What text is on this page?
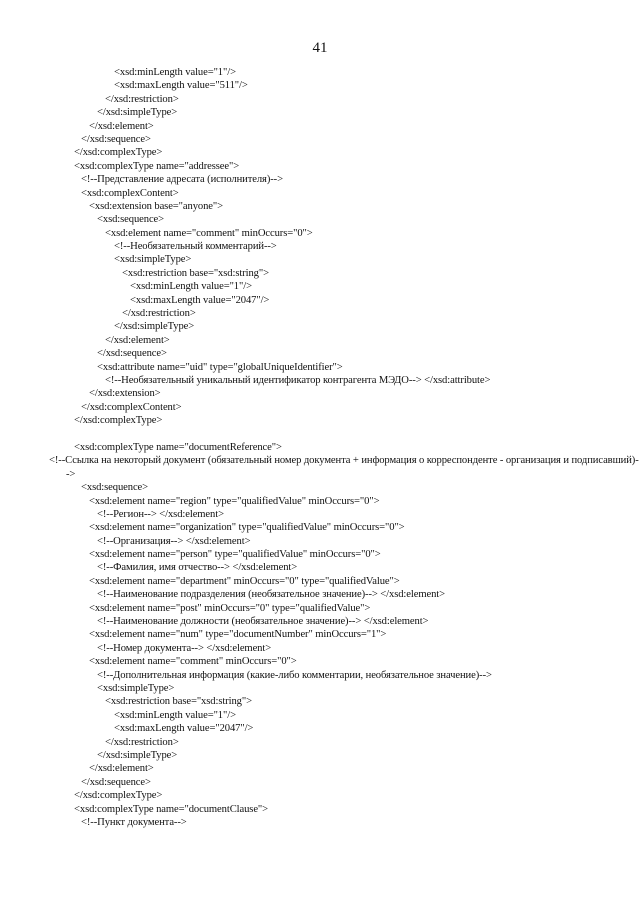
41
<xsd:minLength value="1"/>
<xsd:maxLength value="511"/>
</xsd:restriction>
</xsd:simpleType>
</xsd:element>
</xsd:sequence>
</xsd:complexType>
<xsd:complexType name="addressee">
<!--Представление адресата (исполнителя)-->
<xsd:complexContent>
<xsd:extension base="anyone">
<xsd:sequence>
<xsd:element name="comment" minOccurs="0">
<!--Необязательный комментарий-->
<xsd:simpleType>
<xsd:restriction base="xsd:string">
<xsd:minLength value="1"/>
<xsd:maxLength value="2047"/>
</xsd:restriction>
</xsd:simpleType>
</xsd:element>
</xsd:sequence>
<xsd:attribute name="uid" type="globalUniqueIdentifier">
<!--Необязательный уникальный идентификатор контрагента МЭДО--> </xsd:attribute>
</xsd:extension>
</xsd:complexContent>
</xsd:complexType>
<xsd:complexType name="documentReference">
<!--Ссылка на некоторый документ (обязательный номер документа + информация о корреспонденте - организация и подписавший)-->
<xsd:sequence>
<xsd:element name="region" type="qualifiedValue" minOccurs="0">
<!--Регион--> </xsd:element>
<xsd:element name="organization" type="qualifiedValue" minOccurs="0">
<!--Организация--> </xsd:element>
<xsd:element name="person" type="qualifiedValue" minOccurs="0">
<!--Фамилия, имя отчество--> </xsd:element>
<xsd:element name="department" minOccurs="0" type="qualifiedValue">
<!--Наименование подразделения (необязательное значение)--> </xsd:element>
<xsd:element name="post" minOccurs="0" type="qualifiedValue">
<!--Наименование должности (необязательное значение)--> </xsd:element>
<xsd:element name="num" type="documentNumber" minOccurs="1">
<!--Номер документа--> </xsd:element>
<xsd:element name="comment" minOccurs="0">
<!--Дополнительная информация (какие-либо комментарии, необязательное значение)-->
<xsd:simpleType>
<xsd:restriction base="xsd:string">
<xsd:minLength value="1"/>
<xsd:maxLength value="2047"/>
</xsd:restriction>
</xsd:simpleType>
</xsd:element>
</xsd:sequence>
</xsd:complexType>
<xsd:complexType name="documentClause">
<!--Пункт документа-->
